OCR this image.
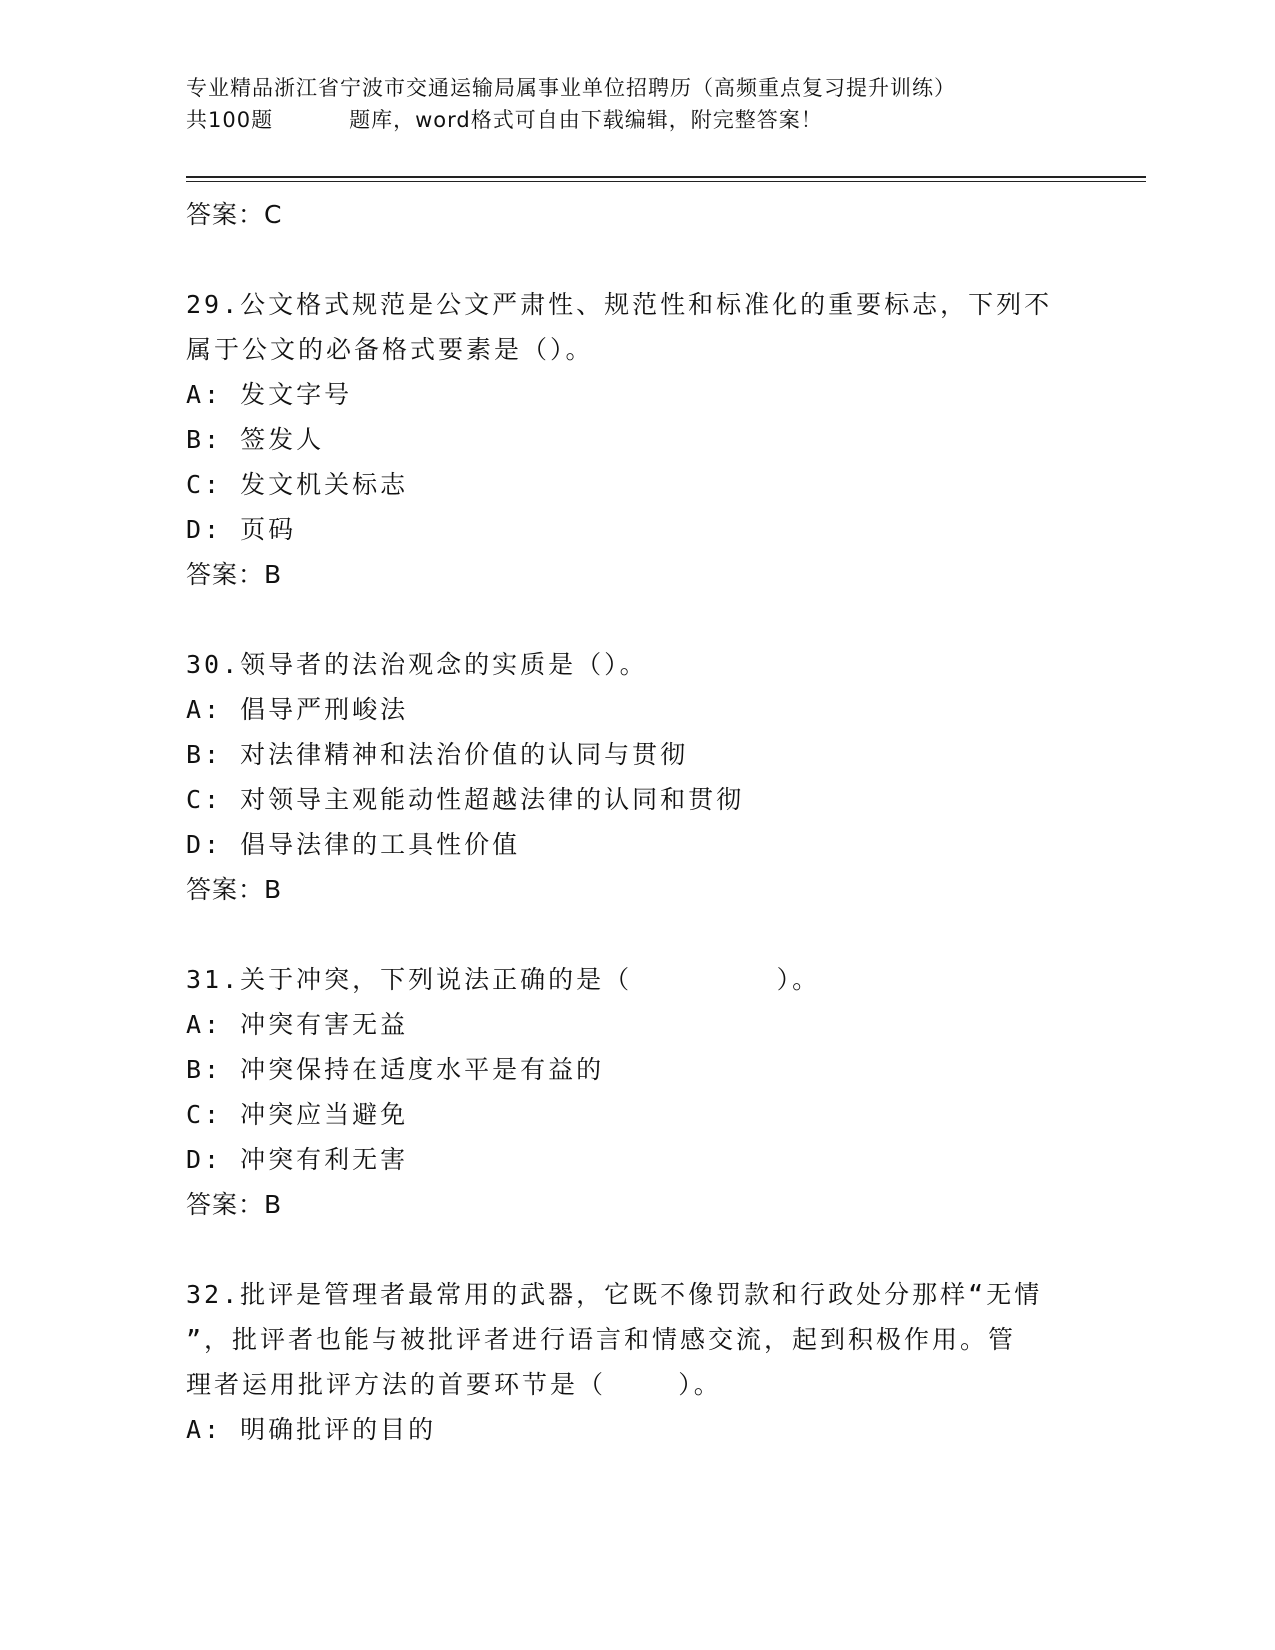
专业精品浙江省宁波市交通运输局属事业单位招聘历（高频重点复习提升训练）
共100题	题库，word格式可自由下载编辑，附完整答案！
答案：C
29.公文格式规范是公文严肃性、规范性和标准化的重要标志，下列不
属于公文的必备格式要素是（）。
A: 发文字号
B: 签发人
C: 发文机关标志
D: 页码
答案：B
30.领导者的法治观念的实质是（）。
A: 倡导严刑峻法
B: 对法律精神和法治价值的认同与贯彻
C: 对领导主观能动性超越法律的认同和贯彻
D: 倡导法律的工具性价值
答案：B
31.关于冲突，下列说法正确的是（        ）。
A: 冲突有害无益
B: 冲突保持在适度水平是有益的
C: 冲突应当避免
D: 冲突有利无害
答案：B
32.批评是管理者最常用的武器，它既不像罚款和行政处分那样“无情
”，批评者也能与被批评者进行语言和情感交流，起到积极作用。管
理者运用批评方法的首要环节是（    ）。
A: 明确批评的目的
